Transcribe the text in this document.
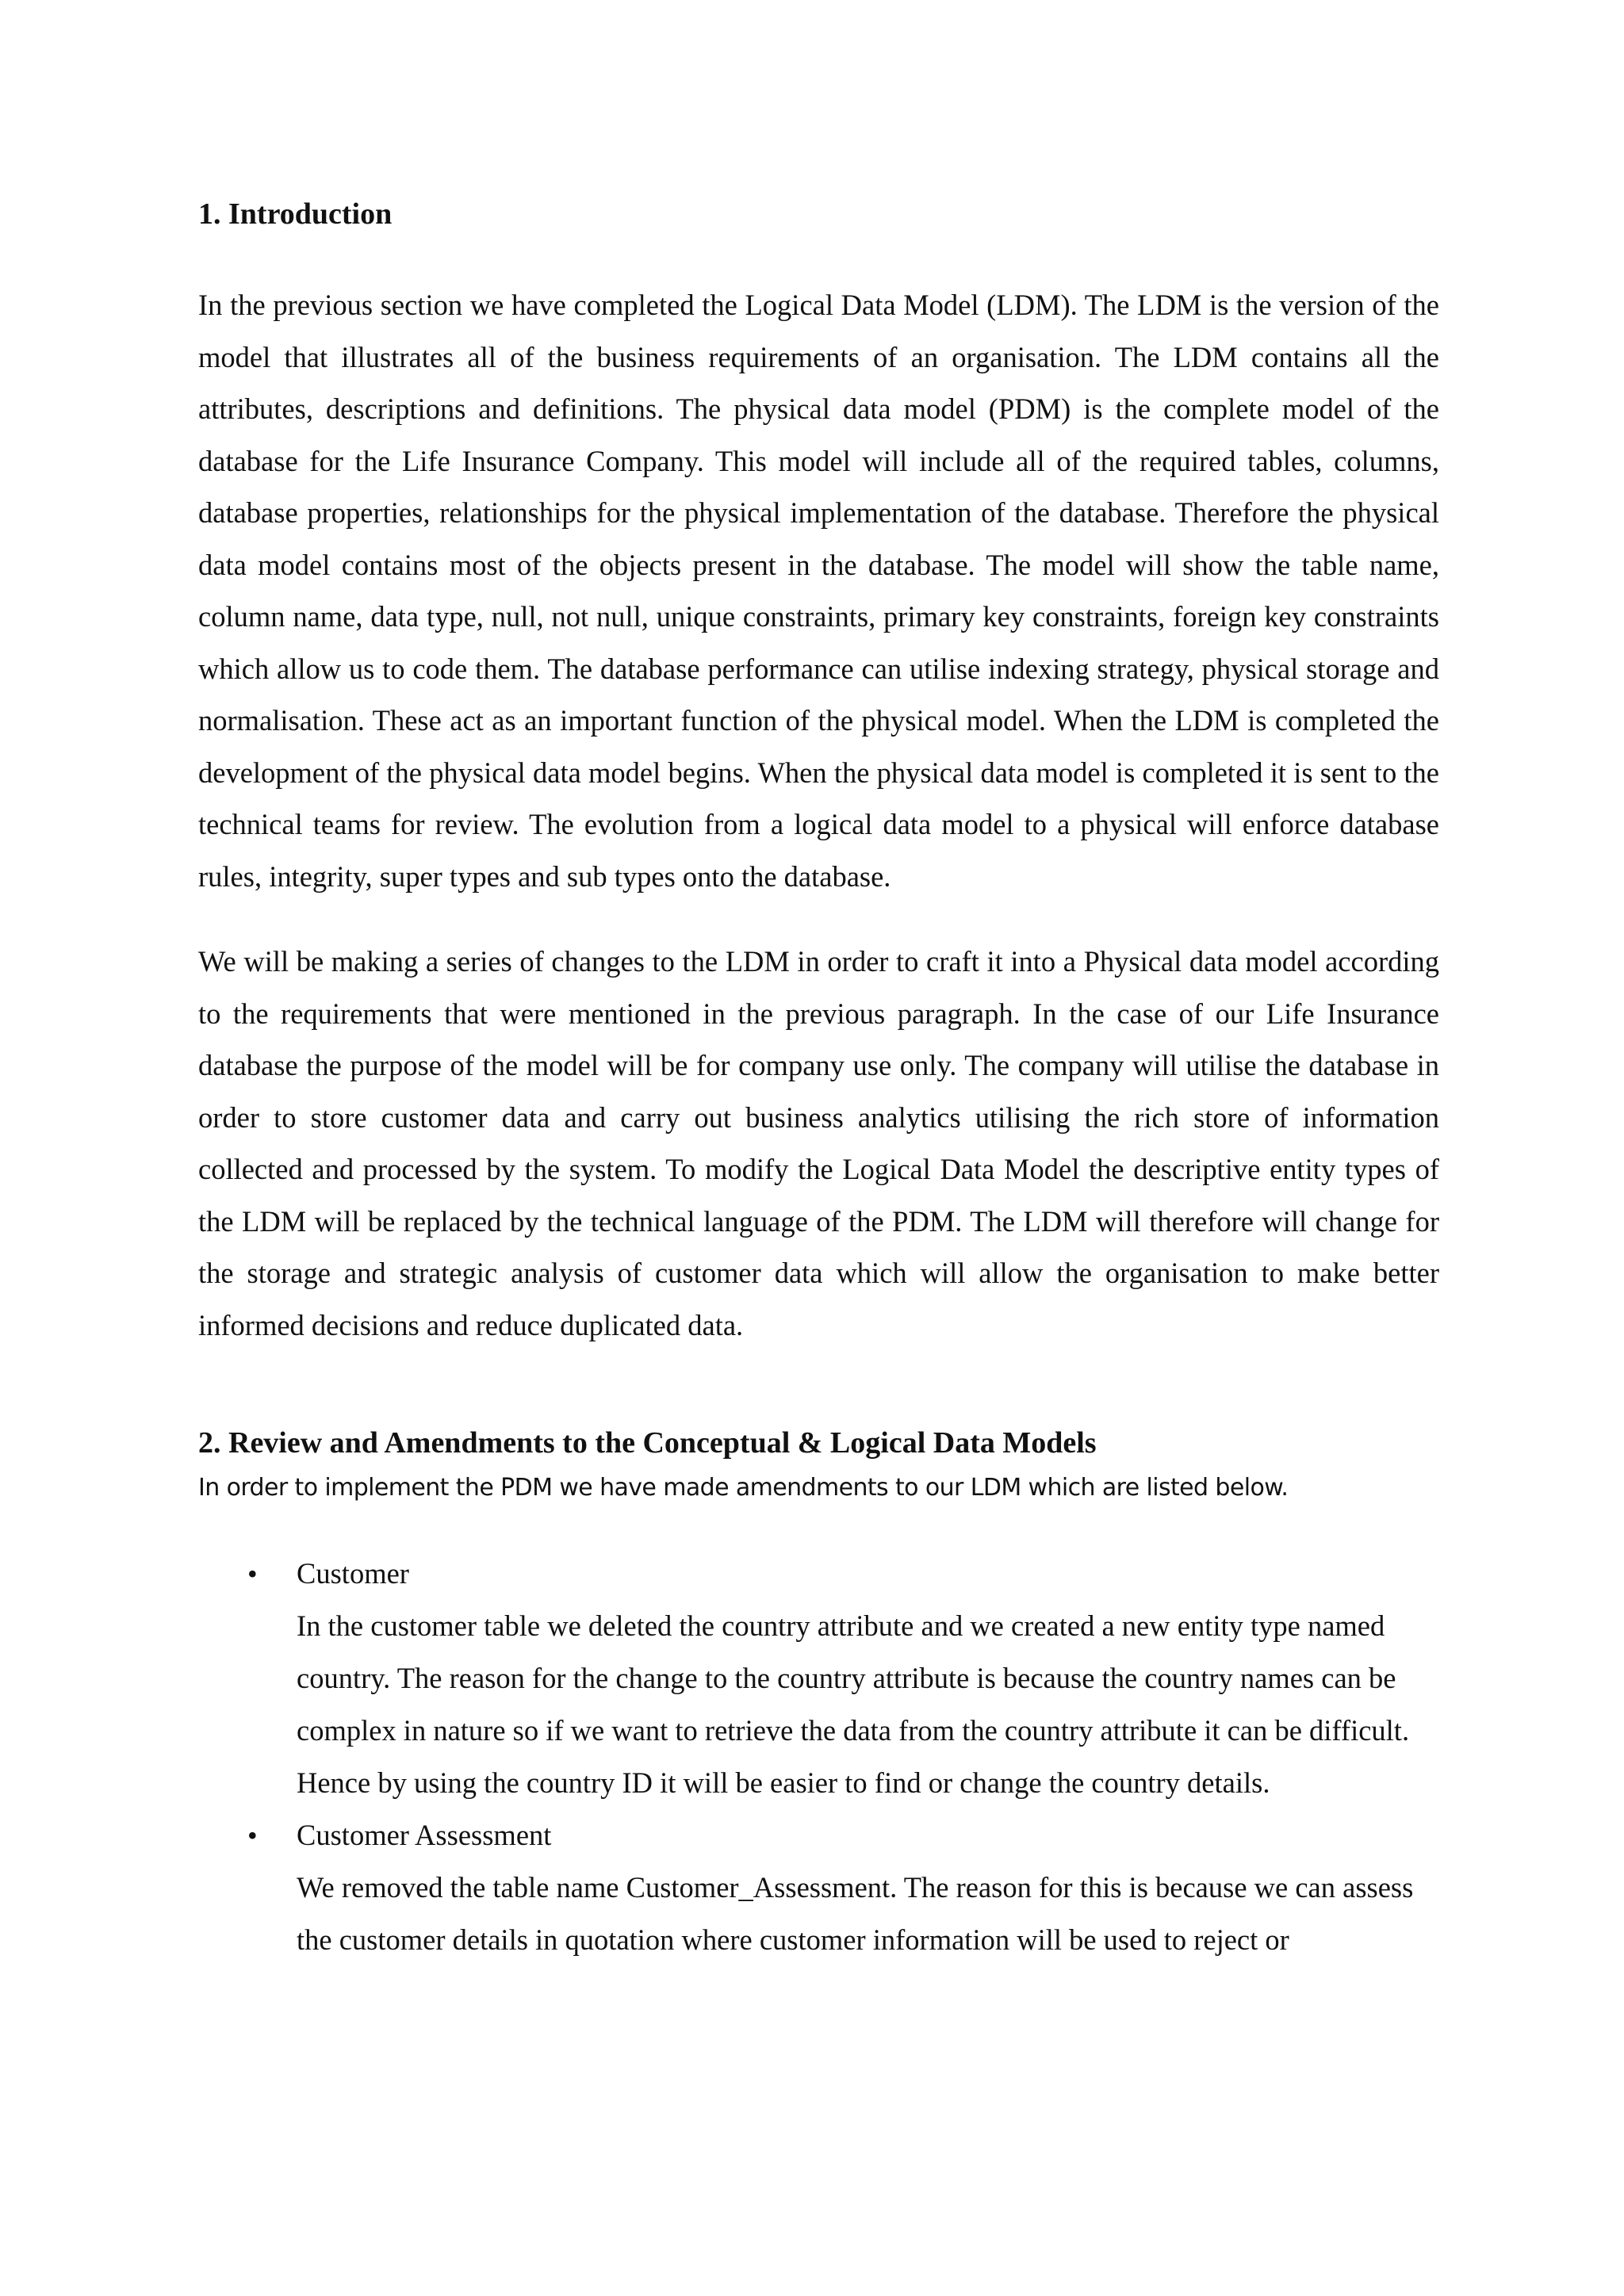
1. Introduction

In the previous section we have completed the Logical Data Model (LDM). The LDM is the version of the model that illustrates all of the business requirements of an organisation. The LDM contains all the attributes, descriptions and definitions. The physical data model (PDM) is the complete model of the database for the Life Insurance Company. This model will include all of the required tables, columns, database properties, relationships for the physical implementation of the database. Therefore the physical data model contains most of the objects present in the database. The model will show the table name, column name, data type, null, not null, unique constraints, primary key constraints, foreign key constraints which allow us to code them. The database performance can utilise indexing strategy, physical storage and normalisation. These act as an important function of the physical model. When the LDM is completed the development of the physical data model begins. When the physical data model is completed it is sent to the technical teams for review. The evolution from a logical data model to a physical will enforce database rules, integrity, super types and sub types onto the database.

We will be making a series of changes to the LDM in order to craft it into a Physical data model according to the requirements that were mentioned in the previous paragraph. In the case of our Life Insurance database the purpose of the model will be for company use only. The company will utilise the database in order to store customer data and carry out business analytics utilising the rich store of information collected and processed by the system. To modify the Logical Data Model the descriptive entity types of the LDM will be replaced by the technical language of the PDM. The LDM will therefore will change for the storage and strategic analysis of customer data which will allow the organisation to make better informed decisions and reduce duplicated data.

2. Review and Amendments to the Conceptual & Logical Data Models

In order to implement the PDM we have made amendments to our LDM which are listed below.

• Customer
In the customer table we deleted the country attribute and we created a new entity type named country. The reason for the change to the country attribute is because the country names can be complex in nature so if we want to retrieve the data from the country attribute it can be difficult. Hence by using the country ID it will be easier to find or change the country details.
• Customer Assessment
We removed the table name Customer_Assessment. The reason for this is because we can assess the customer details in quotation where customer information will be used to reject or
